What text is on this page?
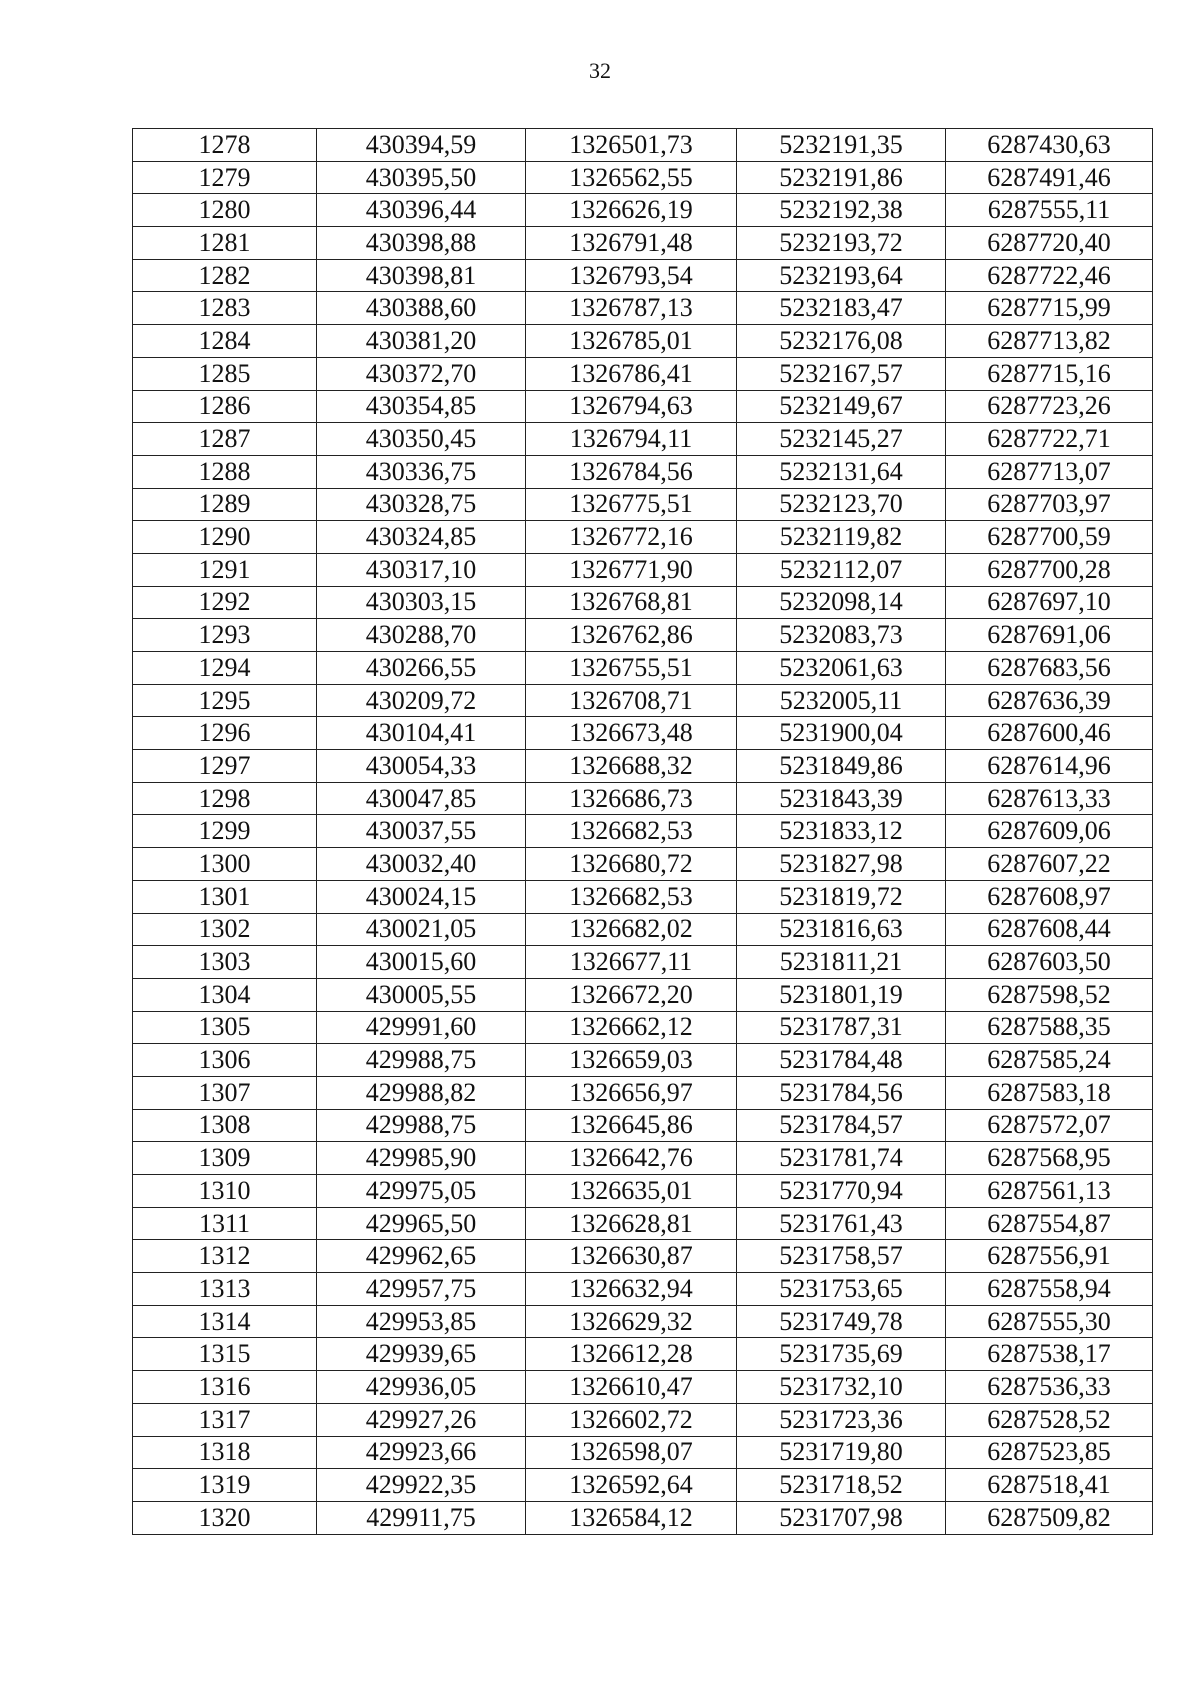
32
1278	430394,59	1326501,73	5232191,35	6287430,63
1279	430395,50	1326562,55	5232191,86	6287491,46
1280	430396,44	1326626,19	5232192,38	6287555,11
1281	430398,88	1326791,48	5232193,72	6287720,40
1282	430398,81	1326793,54	5232193,64	6287722,46
1283	430388,60	1326787,13	5232183,47	6287715,99
1284	430381,20	1326785,01	5232176,08	6287713,82
1285	430372,70	1326786,41	5232167,57	6287715,16
1286	430354,85	1326794,63	5232149,67	6287723,26
1287	430350,45	1326794,11	5232145,27	6287722,71
1288	430336,75	1326784,56	5232131,64	6287713,07
1289	430328,75	1326775,51	5232123,70	6287703,97
1290	430324,85	1326772,16	5232119,82	6287700,59
1291	430317,10	1326771,90	5232112,07	6287700,28
1292	430303,15	1326768,81	5232098,14	6287697,10
1293	430288,70	1326762,86	5232083,73	6287691,06
1294	430266,55	1326755,51	5232061,63	6287683,56
1295	430209,72	1326708,71	5232005,11	6287636,39
1296	430104,41	1326673,48	5231900,04	6287600,46
1297	430054,33	1326688,32	5231849,86	6287614,96
1298	430047,85	1326686,73	5231843,39	6287613,33
1299	430037,55	1326682,53	5231833,12	6287609,06
1300	430032,40	1326680,72	5231827,98	6287607,22
1301	430024,15	1326682,53	5231819,72	6287608,97
1302	430021,05	1326682,02	5231816,63	6287608,44
1303	430015,60	1326677,11	5231811,21	6287603,50
1304	430005,55	1326672,20	5231801,19	6287598,52
1305	429991,60	1326662,12	5231787,31	6287588,35
1306	429988,75	1326659,03	5231784,48	6287585,24
1307	429988,82	1326656,97	5231784,56	6287583,18
1308	429988,75	1326645,86	5231784,57	6287572,07
1309	429985,90	1326642,76	5231781,74	6287568,95
1310	429975,05	1326635,01	5231770,94	6287561,13
1311	429965,50	1326628,81	5231761,43	6287554,87
1312	429962,65	1326630,87	5231758,57	6287556,91
1313	429957,75	1326632,94	5231753,65	6287558,94
1314	429953,85	1326629,32	5231749,78	6287555,30
1315	429939,65	1326612,28	5231735,69	6287538,17
1316	429936,05	1326610,47	5231732,10	6287536,33
1317	429927,26	1326602,72	5231723,36	6287528,52
1318	429923,66	1326598,07	5231719,80	6287523,85
1319	429922,35	1326592,64	5231718,52	6287518,41
1320	429911,75	1326584,12	5231707,98	6287509,82
